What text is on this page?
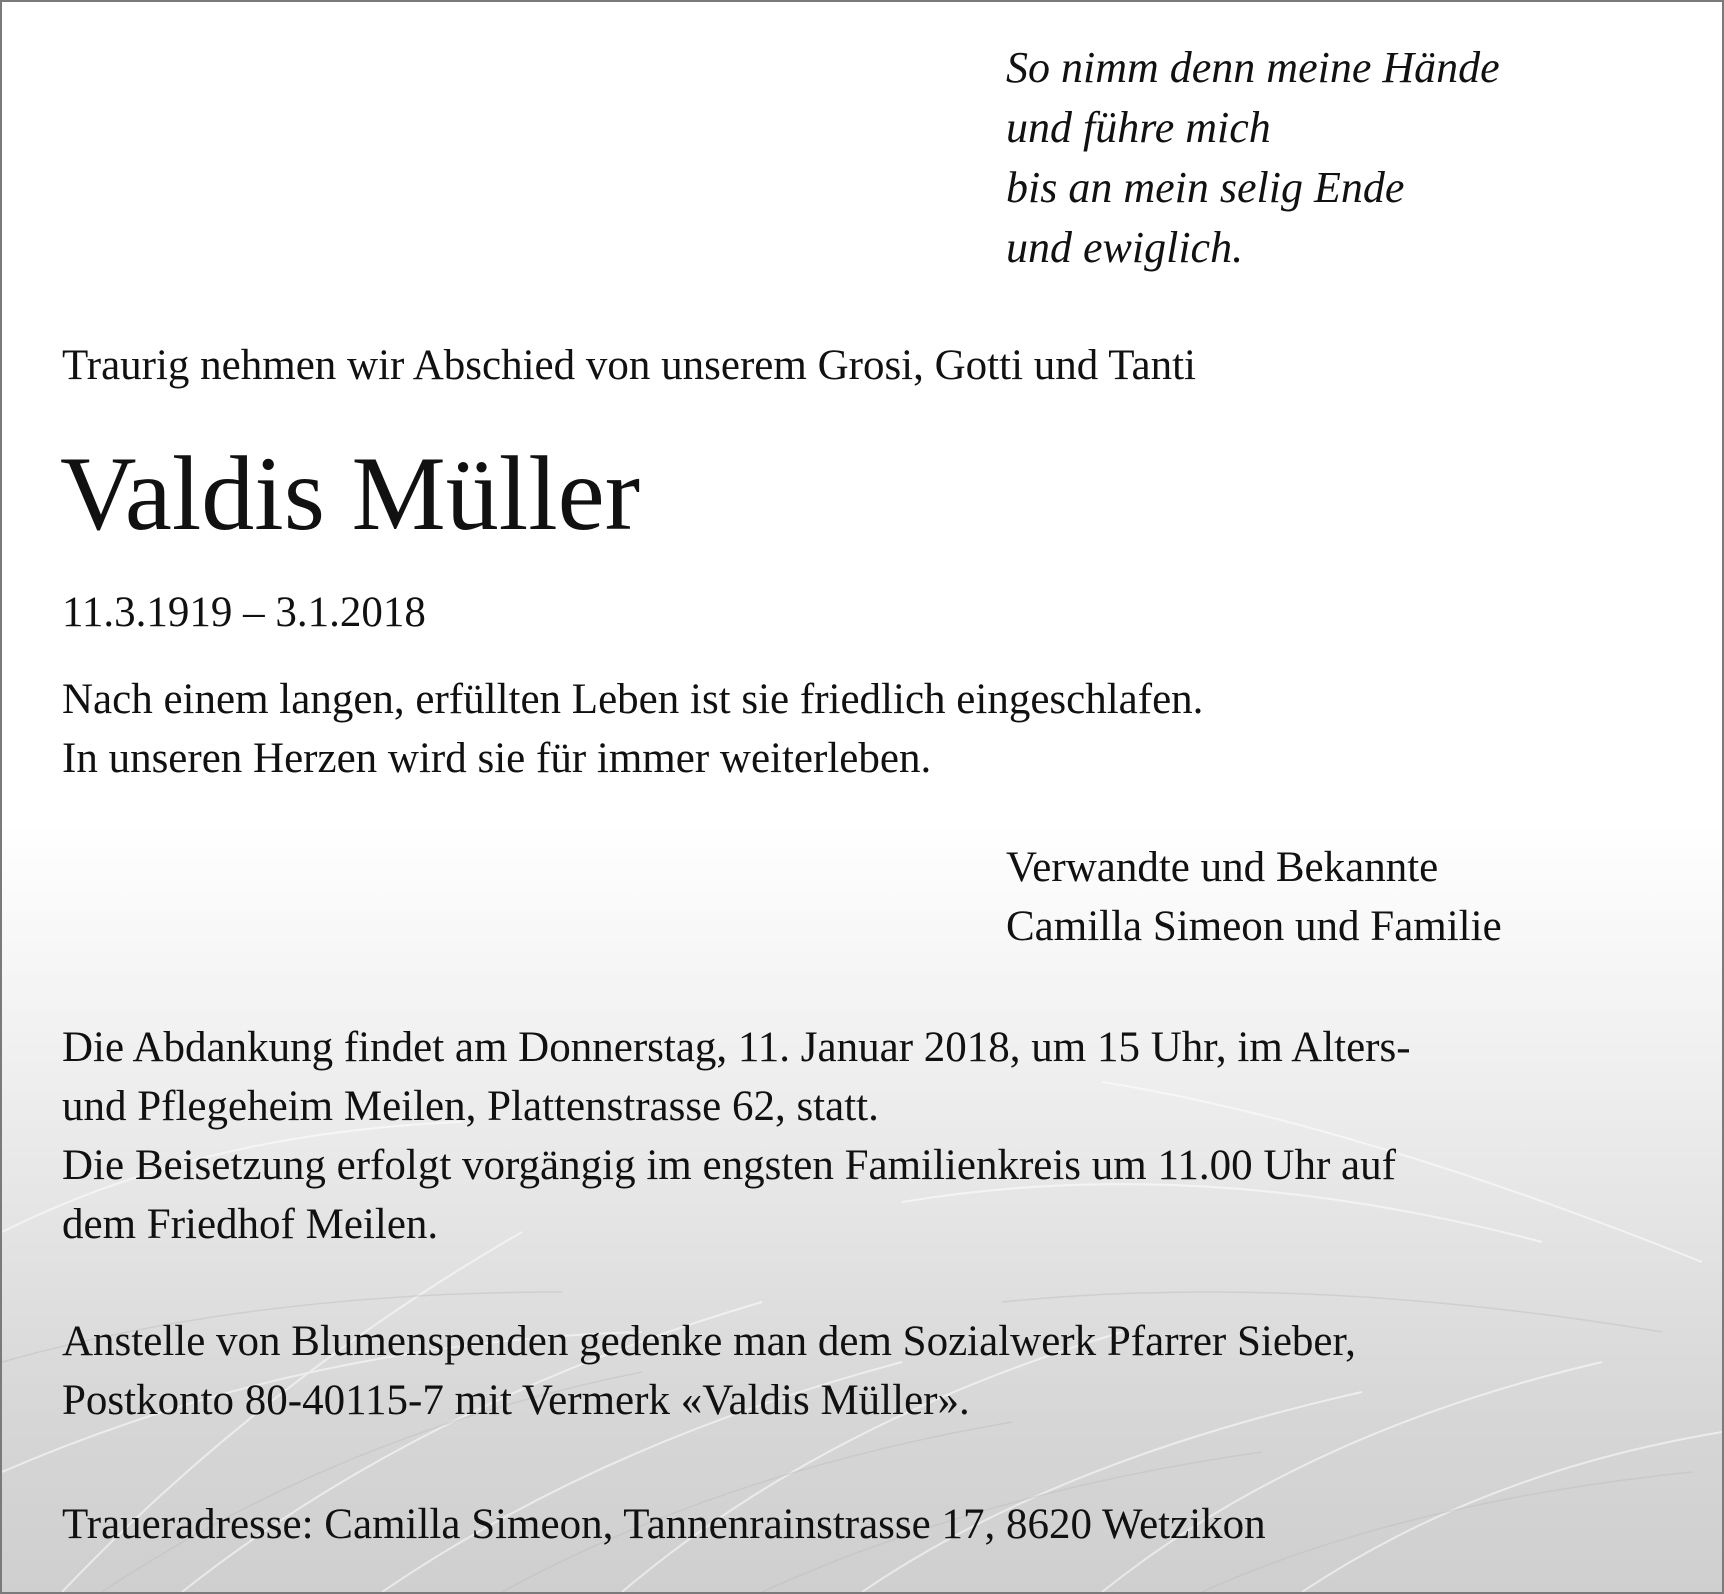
So nimm denn meine Hände
und führe mich
bis an mein selig Ende
und ewiglich.

Traurig nehmen wir Abschied von unserem Grosi, Gotti und Tanti

Valdis Müller

11.3.1919 – 3.1.2018

Nach einem langen, erfüllten Leben ist sie friedlich eingeschlafen.
In unseren Herzen wird sie für immer weiterleben.
Verwandte und Bekannte
Camilla Simeon und Familie
Die Abdankung findet am Donnerstag, 11. Januar 2018, um 15 Uhr, im Alters-
und Pflegeheim Meilen, Plattenstrasse 62, statt.
Die Beisetzung erfolgt vorgängig im engsten Familienkreis um 11.00 Uhr auf
dem Friedhof Meilen.
Anstelle von Blumenspenden gedenke man dem Sozialwerk Pfarrer Sieber,
Postkonto 80-40115-7 mit Vermerk «Valdis Müller».

Traueradresse: Camilla Simeon, Tannenrainstrasse 17, 8620 Wetzikon
